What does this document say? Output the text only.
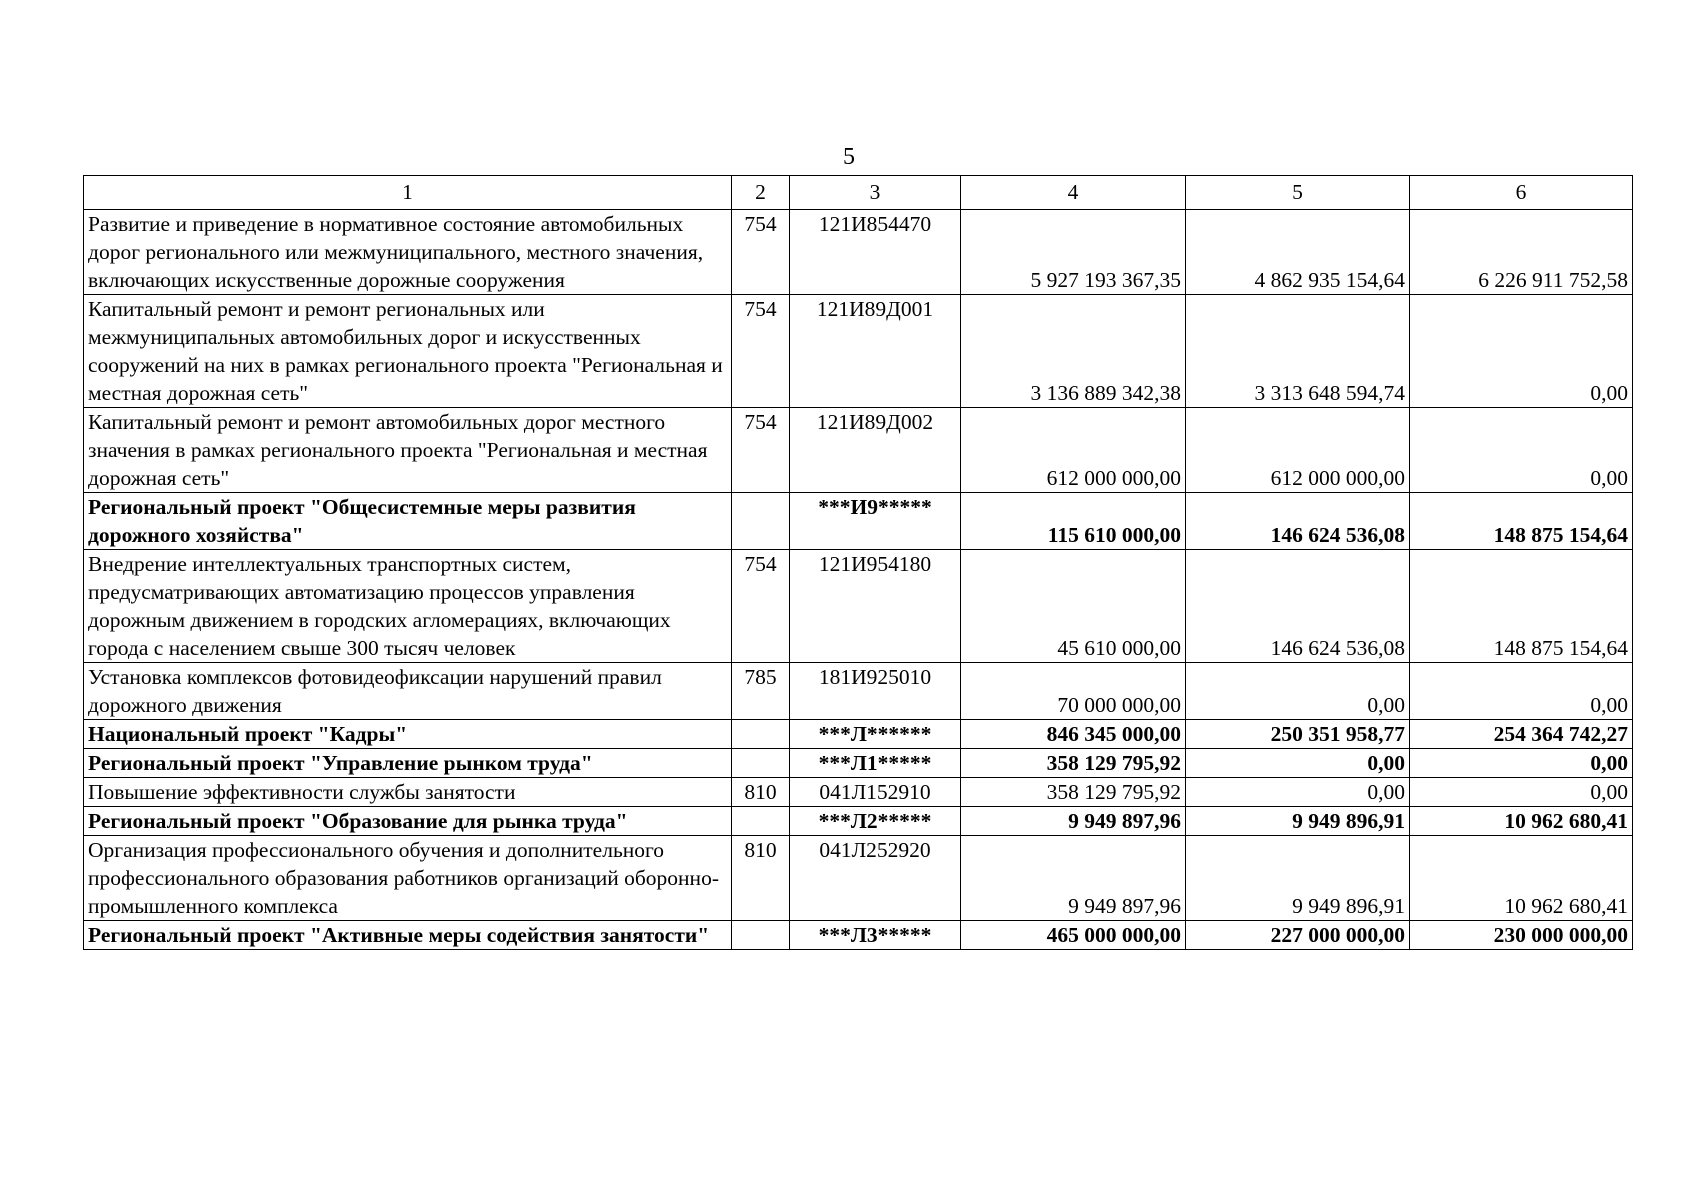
5
1	2	3	4	5	6
Развитие и приведение в нормативное состояние автомобильных дорог регионального или межмуниципального, местного значения, включающих искусственные дорожные сооружения	754	121И854470	5 927 193 367,35	4 862 935 154,64	6 226 911 752,58
Капитальный ремонт и ремонт региональных или межмуниципальных автомобильных дорог и искусственных сооружений на них в рамках регионального проекта "Региональная и местная дорожная сеть"	754	121И89Д001	3 136 889 342,38	3 313 648 594,74	0,00
Капитальный ремонт и ремонт автомобильных дорог местного значения в рамках регионального проекта "Региональная и местная дорожная сеть"	754	121И89Д002	612 000 000,00	612 000 000,00	0,00
Региональный проект "Общесистемные меры развития дорожного хозяйства"		***И9*****	115 610 000,00	146 624 536,08	148 875 154,64
Внедрение интеллектуальных транспортных систем, предусматривающих автоматизацию процессов управления дорожным движением в городских агломерациях, включающих города с населением свыше 300 тысяч человек	754	121И954180	45 610 000,00	146 624 536,08	148 875 154,64
Установка комплексов фотовидеофиксации нарушений правил дорожного движения	785	181И925010	70 000 000,00	0,00	0,00
Национальный проект "Кадры"		***Л******	846 345 000,00	250 351 958,77	254 364 742,27
Региональный проект "Управление рынком труда"		***Л1*****	358 129 795,92	0,00	0,00
Повышение эффективности службы занятости	810	041Л152910	358 129 795,92	0,00	0,00
Региональный проект "Образование для рынка труда"		***Л2*****	9 949 897,96	9 949 896,91	10 962 680,41
Организация профессионального обучения и дополнительного профессионального образования работников организаций оборонно-промышленного комплекса	810	041Л252920	9 949 897,96	9 949 896,91	10 962 680,41
Региональный проект "Активные меры содействия занятости"		***Л3*****	465 000 000,00	227 000 000,00	230 000 000,00
